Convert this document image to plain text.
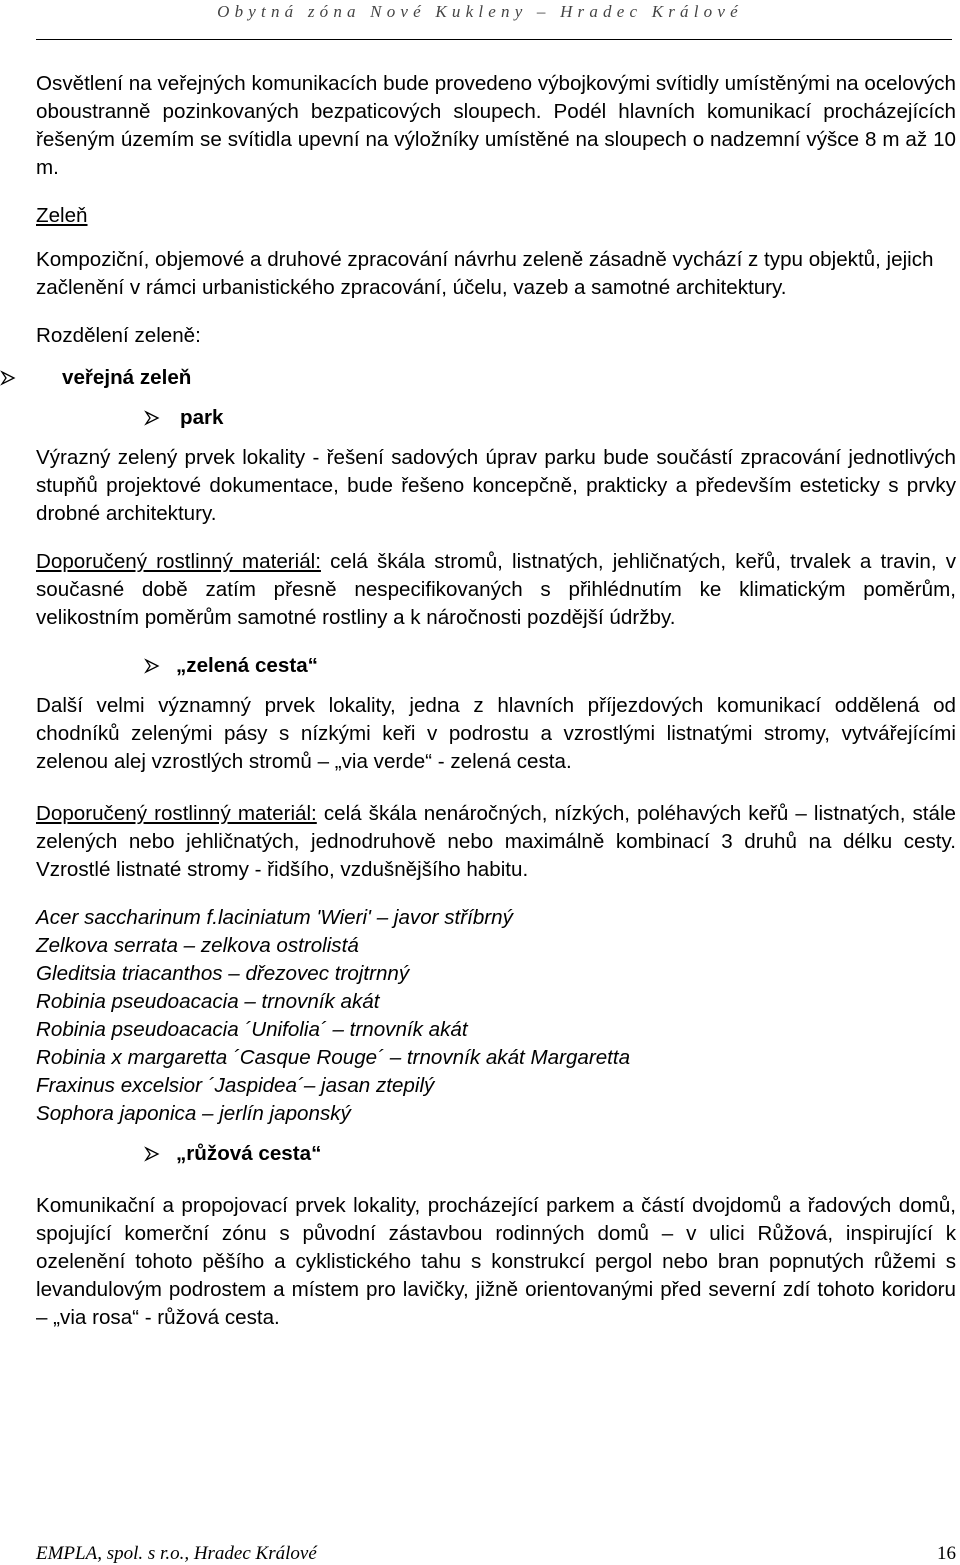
Obytná zóna Nové Kukleny – Hradec Králové

Osvětlení na veřejných komunikacích bude provedeno výbojkovými svítidly umístěnými na ocelových oboustranně pozinkovaných bezpaticových sloupech. Podél hlavních komunikací procházejících řešeným územím se svítidla upevní na výložníky umístěné na sloupech o nadzemní výšce 8 m až 10 m.

Zeleň

Kompoziční, objemové a druhové zpracování návrhu zeleně zásadně vychází z typu objektů, jejich začlenění v rámci urbanistického zpracování, účelu, vazeb a samotné architektury.

Rozdělení zeleně:

veřejná zeleň
park

Výrazný zelený prvek lokality - řešení sadových úprav parku bude součástí zpracování jednotlivých stupňů projektové dokumentace, bude řešeno koncepčně, prakticky a především esteticky s prvky drobné architektury.

Doporučený rostlinný materiál: celá škála stromů, listnatých, jehličnatých, keřů, trvalek a travin, v současné době zatím přesně nespecifikovaných s přihlédnutím ke klimatickým poměrům, velikostním poměrům samotné rostliny a k náročnosti pozdější údržby.

„zelená cesta“

Další velmi významný prvek lokality, jedna z hlavních příjezdových komunikací oddělená od chodníků zelenými pásy s nízkými keři v podrostu a vzrostlými listnatými stromy, vytvářejícími zelenou alej vzrostlých stromů – „via verde“ - zelená cesta.

Doporučený rostlinný materiál: celá škála nenáročných, nízkých, poléhavých keřů – listnatých, stále zelených nebo jehličnatých, jednodruhově nebo maximálně kombinací 3 druhů na délku cesty. Vzrostlé listnaté stromy - řidšího, vzdušnějšího habitu.

Acer saccharinum f.laciniatum 'Wieri' – javor stříbrný

Zelkova serrata – zelkova ostrolistá

Gleditsia triacanthos – dřezovec trojtrnný

Robinia pseudoacacia – trnovník akát

Robinia pseudoacacia ´Unifolia´ – trnovník akát

Robinia x margaretta ´Casque Rouge´ – trnovník akát Margaretta

Fraxinus excelsior ´Jaspidea´– jasan ztepilý

Sophora japonica – jerlín japonský

„růžová cesta“

Komunikační a propojovací prvek lokality, procházející parkem a částí dvojdomů a řadových domů, spojující komerční zónu s původní zástavbou rodinných domů – v ulici Růžová, inspirující k ozelenění tohoto pěšího a cyklistického tahu s konstrukcí pergol nebo bran popnutých růžemi s levandulovým podrostem a místem pro lavičky, jižně orientovanými před severní zdí tohoto koridoru – „via rosa“ - růžová cesta.

EMPLA, spol. s r.o., Hradec Králové	16
